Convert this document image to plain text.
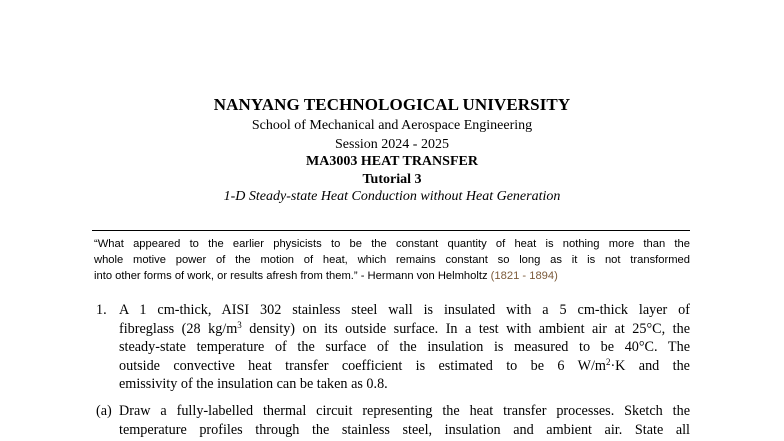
NANYANG TECHNOLOGICAL UNIVERSITY
School of Mechanical and Aerospace Engineering
Session 2024 - 2025
MA3003 HEAT TRANSFER
Tutorial 3
1-D Steady-state Heat Conduction without Heat Generation
“What appeared to the earlier physicists to be the constant quantity of heat is nothing more than the
whole motive power of the motion of heat, which remains constant so long as it is not transformed
into other forms of work, or results afresh from them.” - Hermann von Helmholtz (1821 - 1894)
1. A 1 cm-thick, AISI 302 stainless steel wall is insulated with a 5 cm-thick layer of
fibreglass (28 $kg/m^3$ density) on its outside surface. In a test with ambient air at 25°C, the
steady-state temperature of the surface of the insulation is measured to be 40°C. The
outside convective heat transfer coefficient is estimated to be 6 $W/m^2\cdot K$ and the
emissivity of the insulation can be taken as 0.8.
(a) Draw a fully-labelled thermal circuit representing the heat transfer processes. Sketch the
temperature profiles through the stainless steel, insulation and ambient air. State all
